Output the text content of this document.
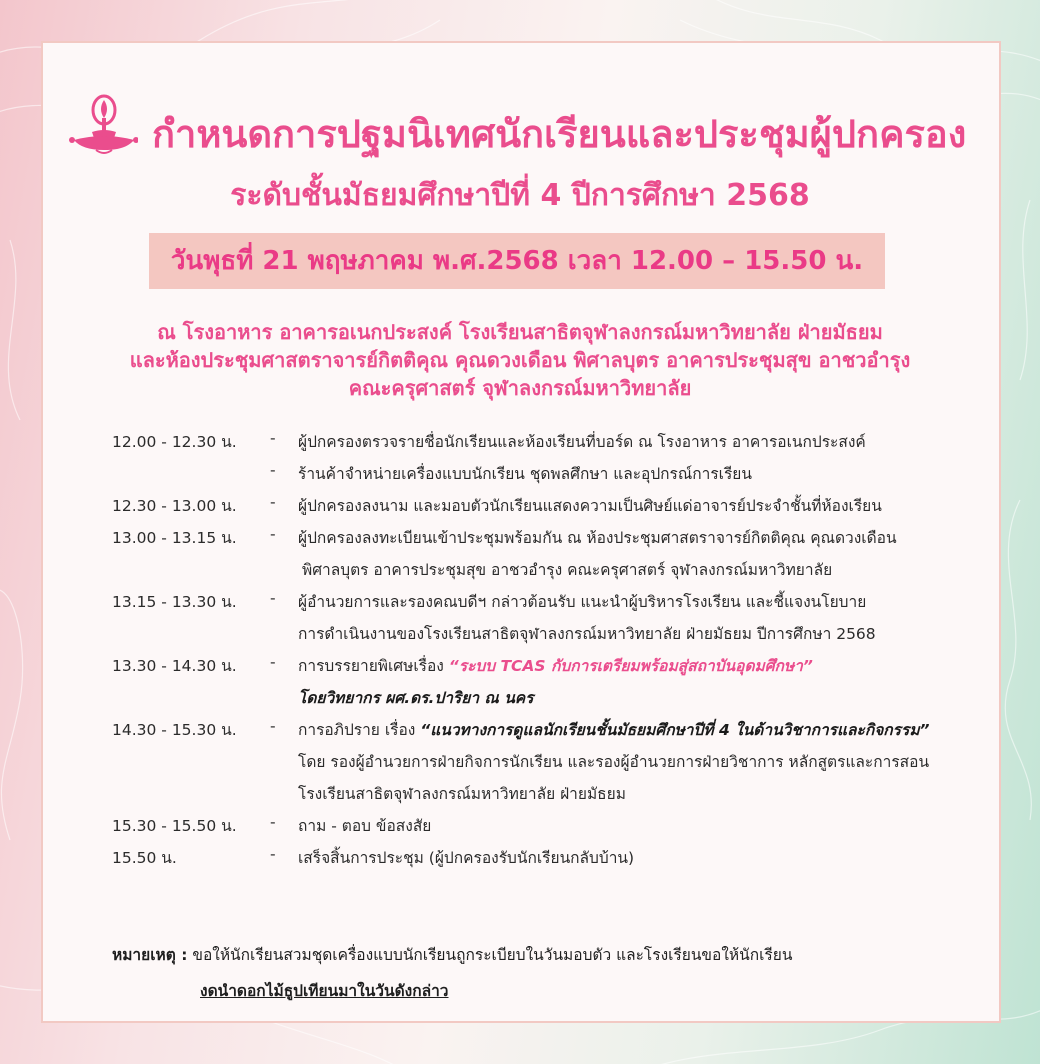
กำหนดการปฐมนิเทศนักเรียนและประชุมผู้ปกครอง
ระดับชั้นมัธยมศึกษาปีที่ 4 ปีการศึกษา 2568
วันพุธที่ 21 พฤษภาคม พ.ศ.2568 เวลา 12.00 – 15.50 น.
ณ โรงอาหาร อาคารอเนกประสงค์ โรงเรียนสาธิตจุฬาลงกรณ์มหาวิทยาลัย ฝ่ายมัธยม
และห้องประชุมศาสตราจารย์กิตติคุณ คุณดวงเดือน พิศาลบุตร อาคารประชุมสุข อาชวอำรุง
คณะครุศาสตร์ จุฬาลงกรณ์มหาวิทยาลัย
12.00 - 12.30 น.	-	ผู้ปกครองตรวจรายชื่อนักเรียนและห้องเรียนที่บอร์ด ณ โรงอาหาร อาคารอเนกประสงค์
-	ร้านค้าจำหน่ายเครื่องแบบนักเรียน ชุดพลศึกษา และอุปกรณ์การเรียน
12.30 - 13.00 น.	-	ผู้ปกครองลงนาม และมอบตัวนักเรียนแสดงความเป็นศิษย์แด่อาจารย์ประจำชั้นที่ห้องเรียน
13.00 - 13.15 น.	-	ผู้ปกครองลงทะเบียนเข้าประชุมพร้อมกัน ณ ห้องประชุมศาสตราจารย์กิตติคุณ คุณดวงเดือน
พิศาลบุตร อาคารประชุมสุข อาชวอำรุง คณะครุศาสตร์ จุฬาลงกรณ์มหาวิทยาลัย
13.15 - 13.30 น.	-	ผู้อำนวยการและรองคณบดีฯ กล่าวต้อนรับ แนะนำผู้บริหารโรงเรียน และชี้แจงนโยบาย
การดำเนินงานของโรงเรียนสาธิตจุฬาลงกรณ์มหาวิทยาลัย ฝ่ายมัธยม ปีการศึกษา 2568
13.30 - 14.30 น.	-	การบรรยายพิเศษเรื่อง “ระบบ TCAS กับการเตรียมพร้อมสู่สถาบันอุดมศึกษา”
โดยวิทยากร ผศ.ดร.ปาริยา ณ นคร
14.30 - 15.30 น.	-	การอภิปราย เรื่อง “แนวทางการดูแลนักเรียนชั้นมัธยมศึกษาปีที่ 4 ในด้านวิชาการและกิจกรรม”
โดย รองผู้อำนวยการฝ่ายกิจการนักเรียน และรองผู้อำนวยการฝ่ายวิชาการ หลักสูตรและการสอน
โรงเรียนสาธิตจุฬาลงกรณ์มหาวิทยาลัย ฝ่ายมัธยม
15.30 - 15.50 น.	-	ถาม - ตอบ ข้อสงสัย
15.50 น.	-	เสร็จสิ้นการประชุม (ผู้ปกครองรับนักเรียนกลับบ้าน)
หมายเหตุ : ขอให้นักเรียนสวมชุดเครื่องแบบนักเรียนถูกระเบียบในวันมอบตัว และโรงเรียนขอให้นักเรียน
งดนำดอกไม้ธูปเทียนมาในวันดังกล่าว
